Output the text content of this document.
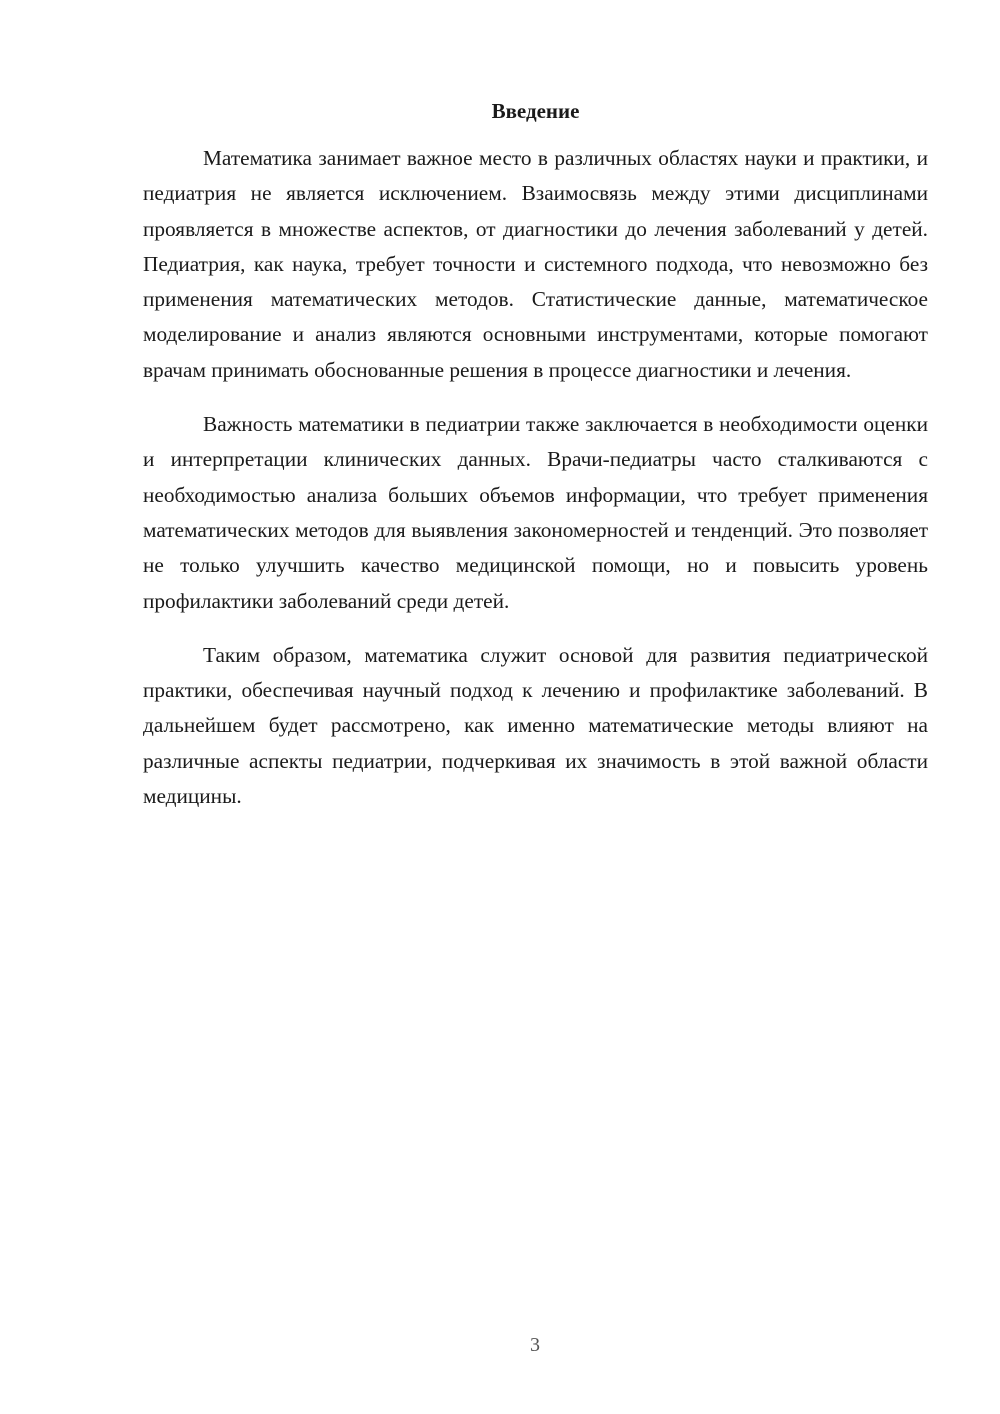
Введение

Математика занимает важное место в различных областях науки и практики, и педиатрия не является исключением. Взаимосвязь между этими дисциплинами проявляется в множестве аспектов, от диагностики до лечения заболеваний у детей. Педиатрия, как наука, требует точности и системного подхода, что невозможно без применения математических методов. Статистические данные, математическое моделирование и анализ являются основными инструментами, которые помогают врачам принимать обоснованные решения в процессе диагностики и лечения.

Важность математики в педиатрии также заключается в необходимости оценки и интерпретации клинических данных. Врачи-педиатры часто сталкиваются с необходимостью анализа больших объемов информации, что требует применения математических методов для выявления закономерностей и тенденций. Это позволяет не только улучшить качество медицинской помощи, но и повысить уровень профилактики заболеваний среди детей.

Таким образом, математика служит основой для развития педиатрической практики, обеспечивая научный подход к лечению и профилактике заболеваний. В дальнейшем будет рассмотрено, как именно математические методы влияют на различные аспекты педиатрии, подчеркивая их значимость в этой важной области медицины.

3
